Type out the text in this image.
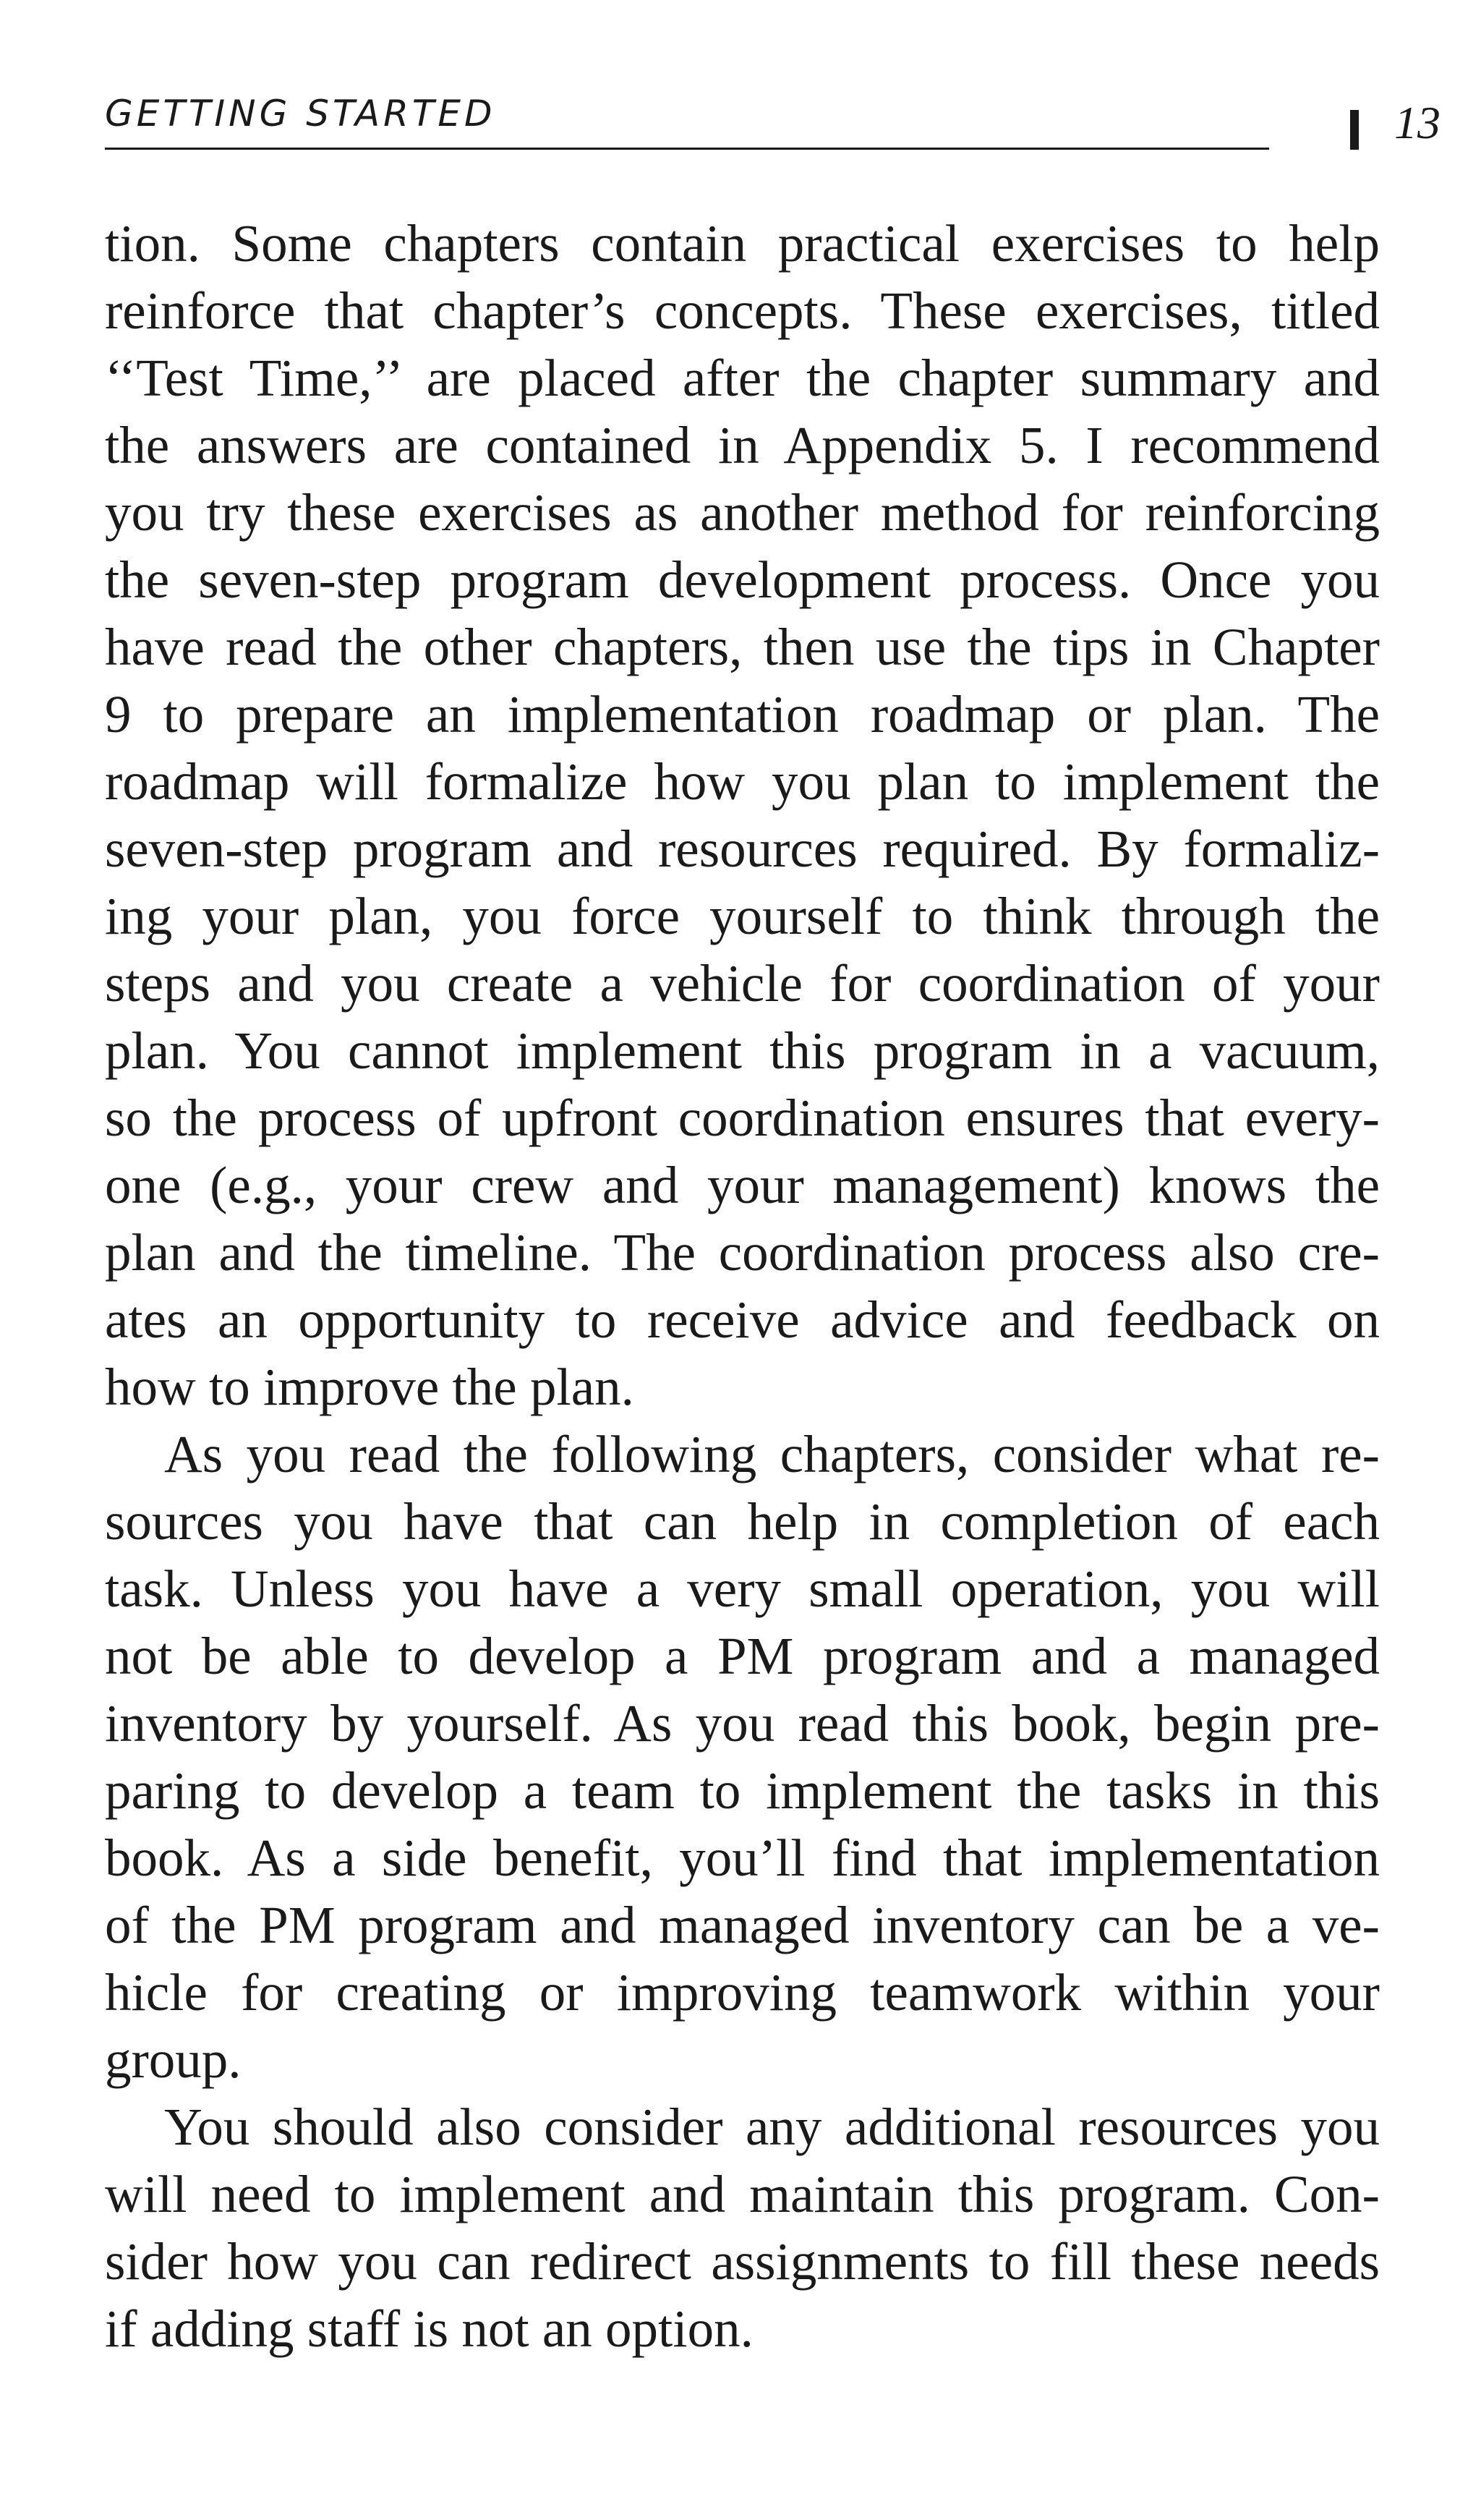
GETTING STARTED	13
tion. Some chapters contain practical exercises to help
reinforce that chapter’s concepts. These exercises, titled
‘‘Test Time,’’ are placed after the chapter summary and
the answers are contained in Appendix 5. I recommend
you try these exercises as another method for reinforcing
the seven-step program development process. Once you
have read the other chapters, then use the tips in Chapter
9 to prepare an implementation roadmap or plan. The
roadmap will formalize how you plan to implement the
seven-step program and resources required. By formaliz-
ing your plan, you force yourself to think through the
steps and you create a vehicle for coordination of your
plan. You cannot implement this program in a vacuum,
so the process of upfront coordination ensures that every-
one (e.g., your crew and your management) knows the
plan and the timeline. The coordination process also cre-
ates an opportunity to receive advice and feedback on
how to improve the plan.
As you read the following chapters, consider what re-
sources you have that can help in completion of each
task. Unless you have a very small operation, you will
not be able to develop a PM program and a managed
inventory by yourself. As you read this book, begin pre-
paring to develop a team to implement the tasks in this
book. As a side benefit, you’ll find that implementation
of the PM program and managed inventory can be a ve-
hicle for creating or improving teamwork within your
group.
You should also consider any additional resources you
will need to implement and maintain this program. Con-
sider how you can redirect assignments to fill these needs
if adding staff is not an option.
